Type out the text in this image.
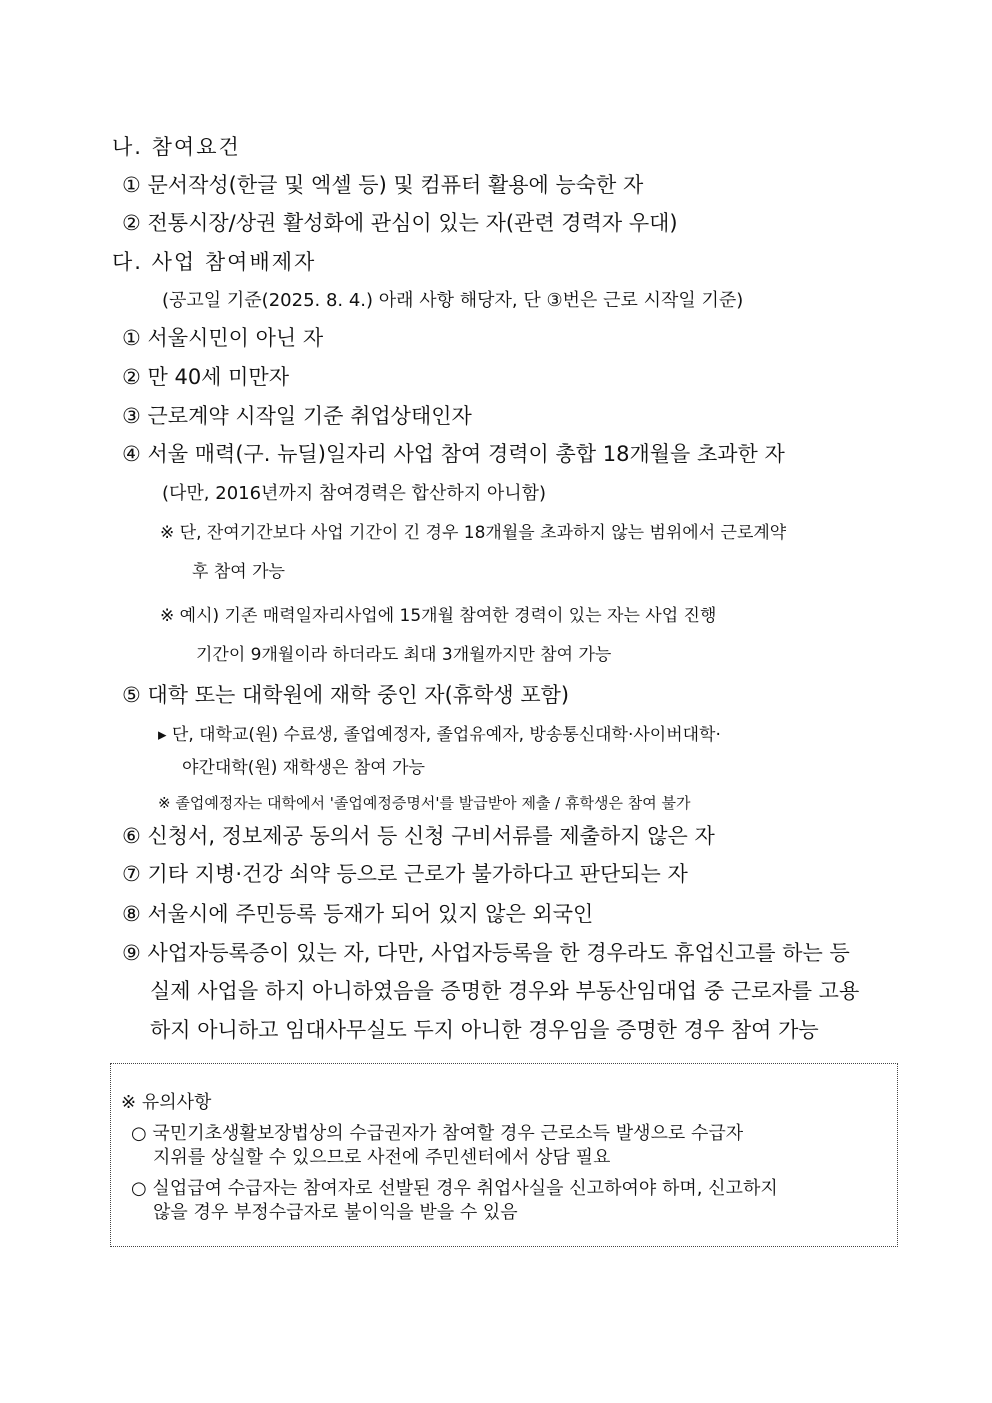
나. 참여요건
① 문서작성(한글 및 엑셀 등) 및 컴퓨터 활용에 능숙한 자
② 전통시장/상권 활성화에 관심이 있는 자(관련 경력자 우대)
다. 사업 참여배제자
(공고일 기준(2025. 8. 4.) 아래 사항 해당자, 단 ③번은 근로 시작일 기준)
① 서울시민이 아닌 자
② 만 40세 미만자
③ 근로계약 시작일 기준 취업상태인자
④ 서울 매력(구. 뉴딜)일자리 사업 참여 경력이 총합 18개월을 초과한 자
(다만, 2016년까지 참여경력은 합산하지 아니함)
※ 단, 잔여기간보다 사업 기간이 긴 경우 18개월을 초과하지 않는 범위에서 근로계약
후 참여 가능
※ 예시) 기존 매력일자리사업에 15개월 참여한 경력이 있는 자는 사업 진행
기간이 9개월이라 하더라도 최대 3개월까지만 참여 가능
⑤ 대학 또는 대학원에 재학 중인 자(휴학생 포함)
▸ 단, 대학교(원) 수료생, 졸업예정자, 졸업유예자, 방송통신대학·사이버대학·
야간대학(원) 재학생은 참여 가능
※ 졸업예정자는 대학에서 '졸업예정증명서'를 발급받아 제출 / 휴학생은 참여 불가
⑥ 신청서, 정보제공 동의서 등 신청 구비서류를 제출하지 않은 자
⑦ 기타 지병·건강 쇠약 등으로 근로가 불가하다고 판단되는 자
⑧ 서울시에 주민등록 등재가 되어 있지 않은 외국인
⑨ 사업자등록증이 있는 자, 다만, 사업자등록을 한 경우라도 휴업신고를 하는 등
실제 사업을 하지 아니하였음을 증명한 경우와 부동산임대업 중 근로자를 고용
하지 아니하고 임대사무실도 두지 아니한 경우임을 증명한 경우 참여 가능
※ 유의사항
○ 국민기초생활보장법상의 수급권자가 참여할 경우 근로소득 발생으로 수급자
지위를 상실할 수 있으므로 사전에 주민센터에서 상담 필요
○ 실업급여 수급자는 참여자로 선발된 경우 취업사실을 신고하여야 하며, 신고하지
않을 경우 부정수급자로 불이익을 받을 수 있음
